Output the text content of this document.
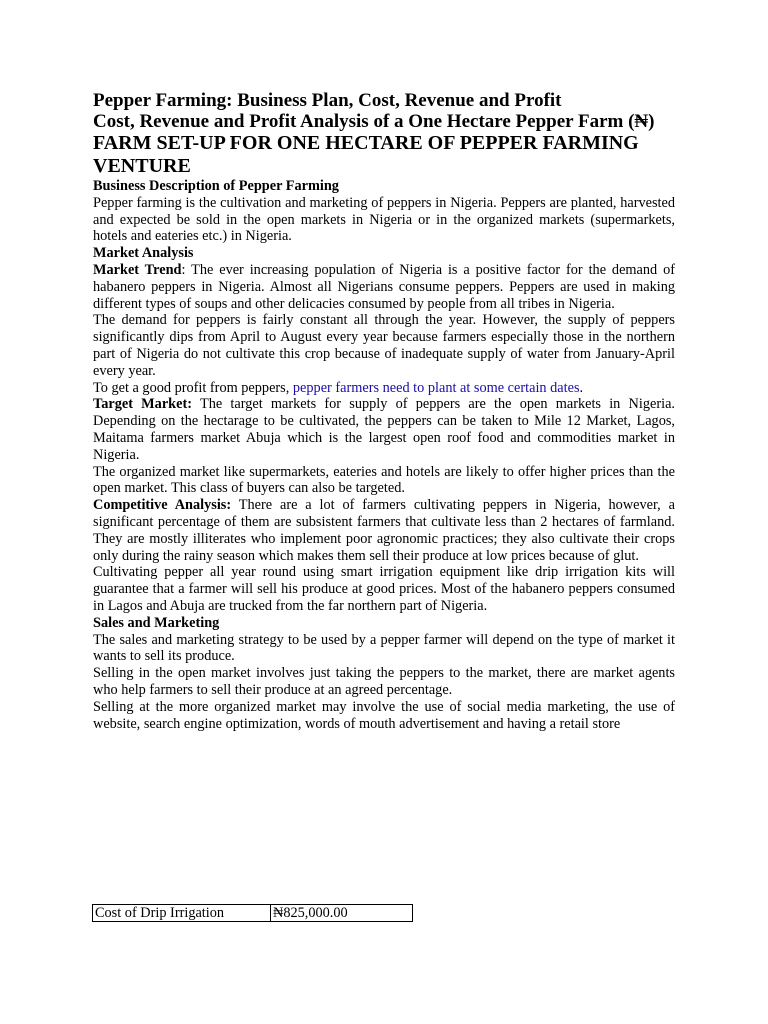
Pepper Farming: Business Plan, Cost, Revenue and Profit

Cost, Revenue and Profit Analysis of a One Hectare Pepper Farm (₦)

FARM SET-UP FOR ONE HECTARE OF PEPPER FARMING VENTURE

Business Description of Pepper Farming

Pepper farming is the cultivation and marketing of peppers in Nigeria. Peppers are planted, harvested and expected be sold in the open markets in Nigeria or in the organized markets (supermarkets, hotels and eateries etc.) in Nigeria.

Market Analysis

Market Trend: The ever increasing population of Nigeria is a positive factor for the demand of habanero peppers in Nigeria. Almost all Nigerians consume peppers. Peppers are used in making different types of soups and other delicacies consumed by people from all tribes in Nigeria.

The demand for peppers is fairly constant all through the year. However, the supply of peppers significantly dips from April to August every year because farmers especially those in the northern part of Nigeria do not cultivate this crop because of inadequate supply of water from January-April every year.

To get a good profit from peppers, pepper farmers need to plant at some certain dates.

Target Market: The target markets for supply of peppers are the open markets in Nigeria. Depending on the hectarage to be cultivated, the peppers can be taken to Mile 12 Market, Lagos, Maitama farmers market Abuja which is the largest open roof food and commodities market in Nigeria.

The organized market like supermarkets, eateries and hotels are likely to offer higher prices than the open market. This class of buyers can also be targeted.

Competitive Analysis: There are a lot of farmers cultivating peppers in Nigeria, however, a significant percentage of them are subsistent farmers that cultivate less than 2 hectares of farmland. They are mostly illiterates who implement poor agronomic practices; they also cultivate their crops only during the rainy season which makes them sell their produce at low prices because of glut.

Cultivating pepper all year round using smart irrigation equipment like drip irrigation kits will guarantee that a farmer will sell his produce at good prices. Most of the habanero peppers consumed in Lagos and Abuja are trucked from the far northern part of Nigeria.

Sales and Marketing

The sales and marketing strategy to be used by a pepper farmer will depend on the type of market it wants to sell its produce.

Selling in the open market involves just taking the peppers to the market, there are market agents who help farmers to sell their produce at an agreed percentage.

Selling at the more organized market may involve the use of social media marketing, the use of website, search engine optimization, words of mouth advertisement and having a retail store

Cost of Drip Irrigation	₦825,000.00
